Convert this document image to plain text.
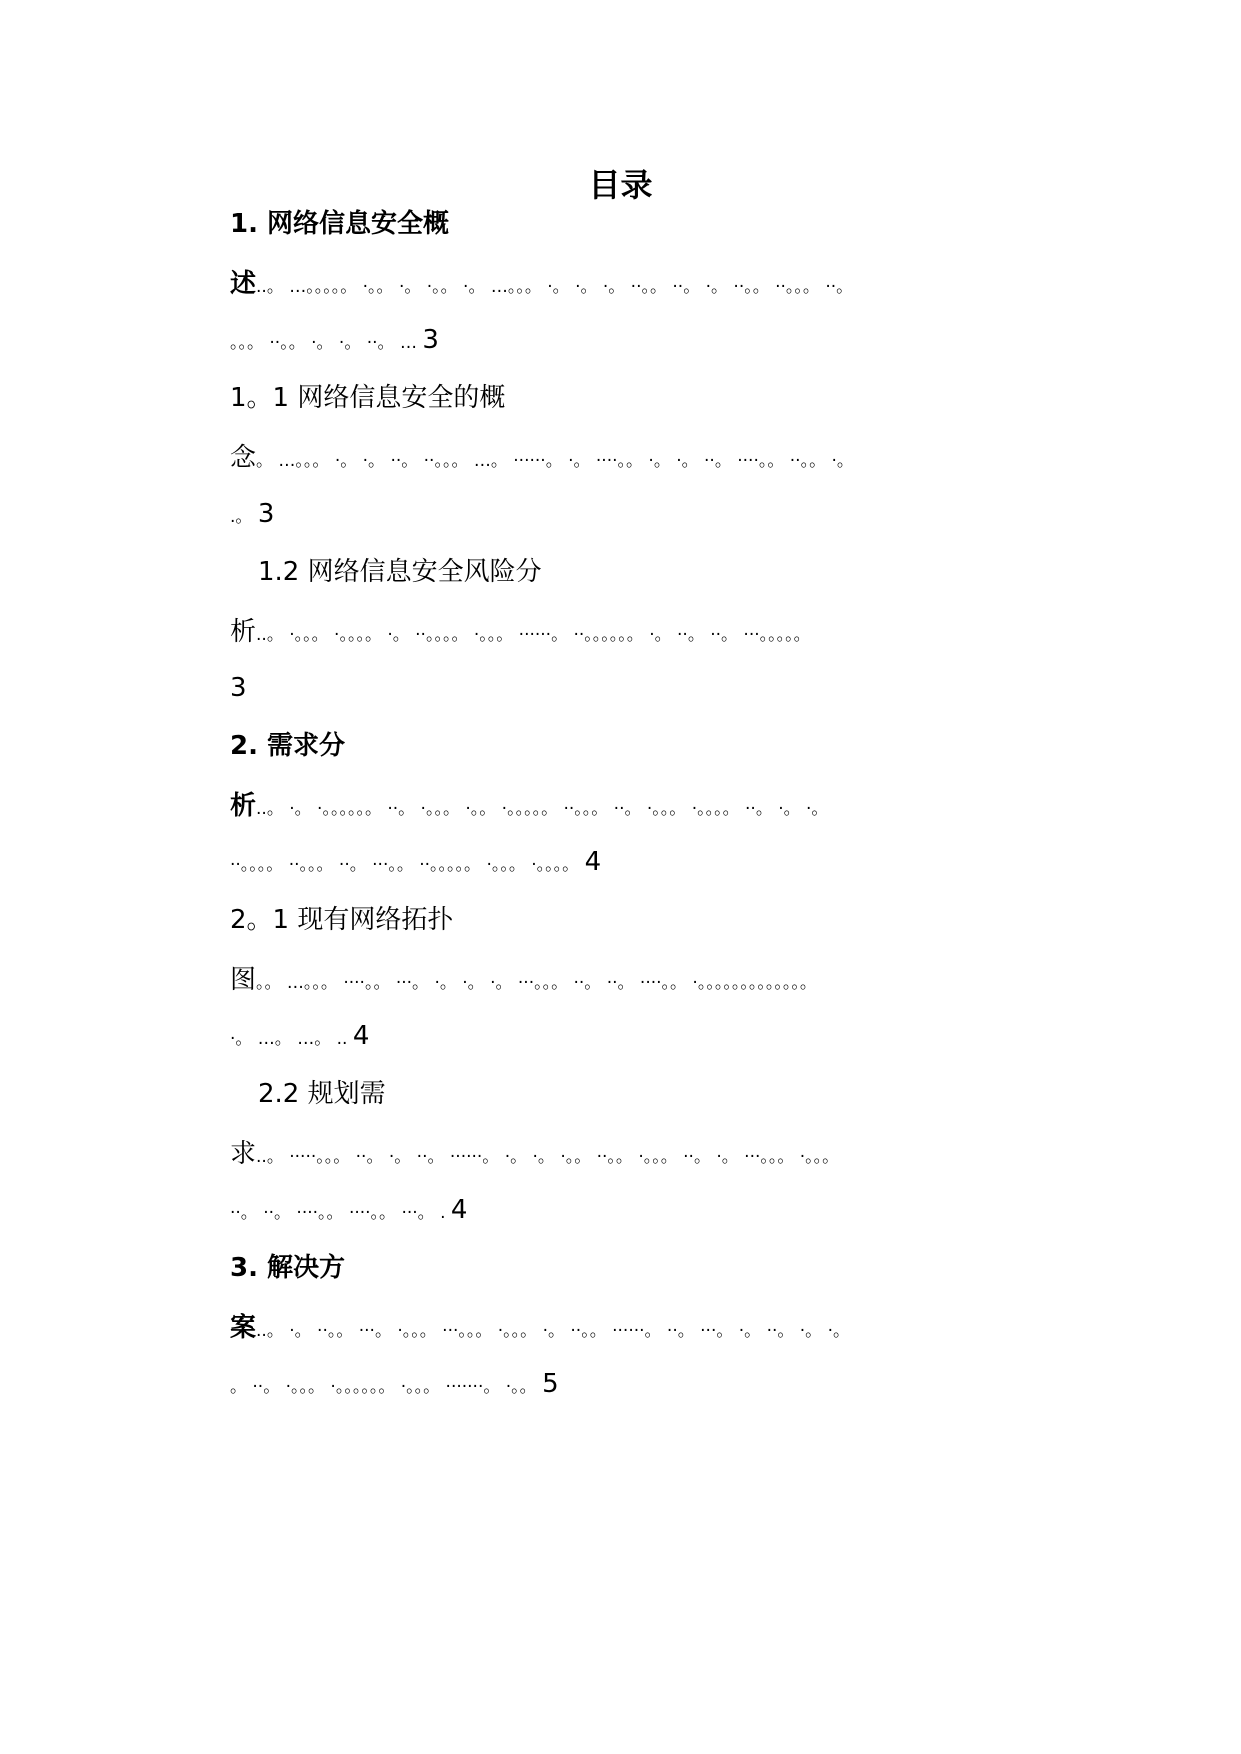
目录
1. 网络信息安全概
述..。 …。。。。。 ·。。 ·。 ·。。 ·。 …。。。 ·。 ·。 ·。 ··。。 ··。 ·。 ··。。 ··。。。 ··。
。。。 ··。。 ·。 ·。 ··。 … 3
1。1 网络信息安全的概
念。 …。。。 ·。 ·。 ··。 ··。。。 …。 ······。 ·。 ····。。 ·。 ·。 ··。 ····。。 ··。。 ·。
.。 3
1.2 网络信息安全风险分
析..。 ·。。。 ·。。。。 ·。 ··。。。。 ·。。。 ······。 ··。。。。。。 ·。 ··。 ··。 ···。。。。。
3
2. 需求分
析..。 ·。 ·。。。。。。 ··。 ·。。。 ·。。 ·。。。。。 ··。。。 ··。 ·。。。 ·。。。。 ··。 ·。 ·。
··。。。。 ··。。。 ··。 ···。。 ··。。。。。 ·。。。 ·。。。。 4
2。1 现有网络拓扑
图。。 …。。。 ····。。 ···。 ·。 ·。 ·。 ···。。。 ··。 ··。 ····。。 ·。。。。。。。。。。。。。
·。 …。 …。 .. 4
2.2 规划需
求..。 ·····。。。 ··。 ·。 ··。 ······。 ·。 ·。 ·。。 ··。。 ·。。。 ··。 ·。 ···。。。 ·。。。
··。 ··。 ····。。 ····。。 ···。 . 4
3. 解决方
案..。 ·。 ··。。 ···。 ·。。。 ···。。。 ·。。。 ·。 ··。。 ······。 ··。 ···。 ·。 ··。 ·。 ·。
。 ··。 ·。。。 ·。。。。。。 ·。。。 ·······。 ·。。 5
